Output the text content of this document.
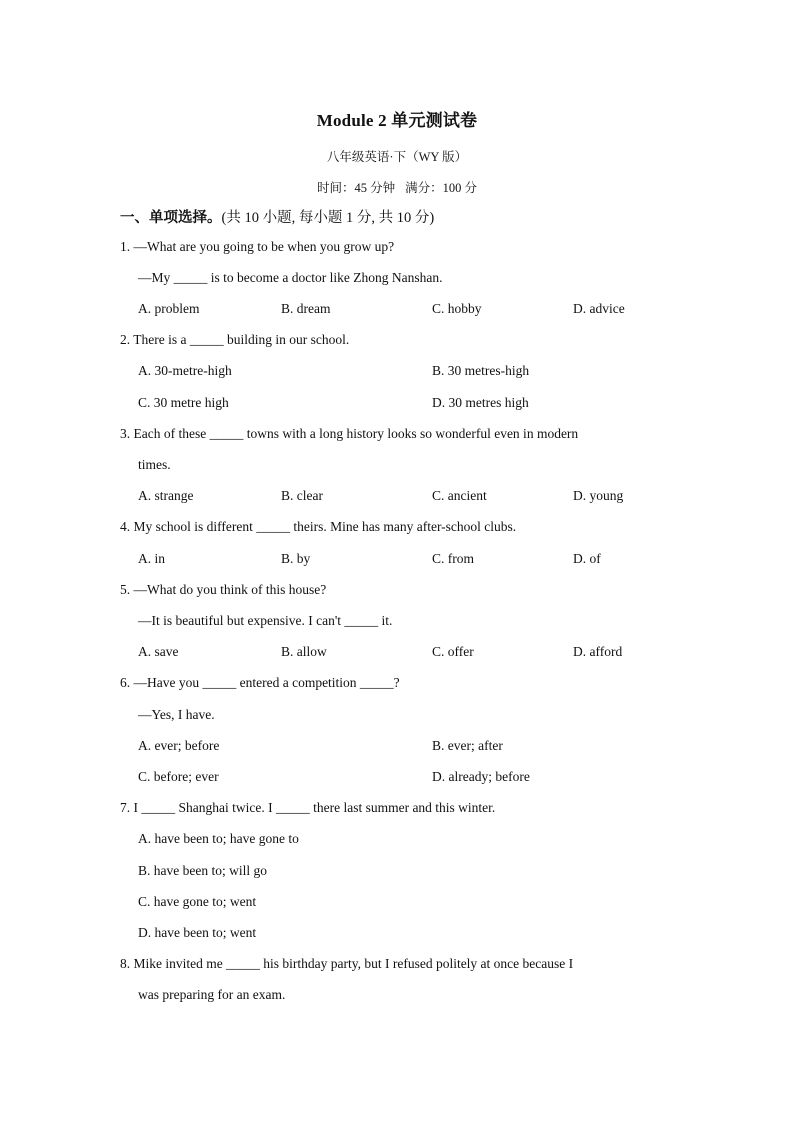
Module 2 单元测试卷
八年级英语·下（WY 版）
时间：45 分钟 满分：100 分
一、单项选择。(共 10 小题, 每小题 1 分, 共 10 分)
1. —What are you going to be when you grow up?
—My _____ is to become a doctor like Zhong Nanshan.
A. problem	B. dream	C. hobby	D. advice
2. There is a _____ building in our school.
A. 30-metre-high	B. 30 metres-high
C. 30 metre high	D. 30 metres high
3. Each of these _____ towns with a long history looks so wonderful even in modern
times.
A. strange	B. clear	C. ancient	D. young
4. My school is different _____ theirs. Mine has many after-school clubs.
A. in	B. by	C. from	D. of
5. —What do you think of this house?
—It is beautiful but expensive. I can't _____ it.
A. save	B. allow	C. offer	D. afford
6. —Have you _____ entered a competition _____?
—Yes, I have.
A. ever; before	B. ever; after
C. before; ever	D. already; before
7. I _____ Shanghai twice. I _____ there last summer and this winter.
A. have been to; have gone to
B. have been to; will go
C. have gone to; went
D. have been to; went
8. Mike invited me _____ his birthday party, but I refused politely at once because I
was preparing for an exam.
